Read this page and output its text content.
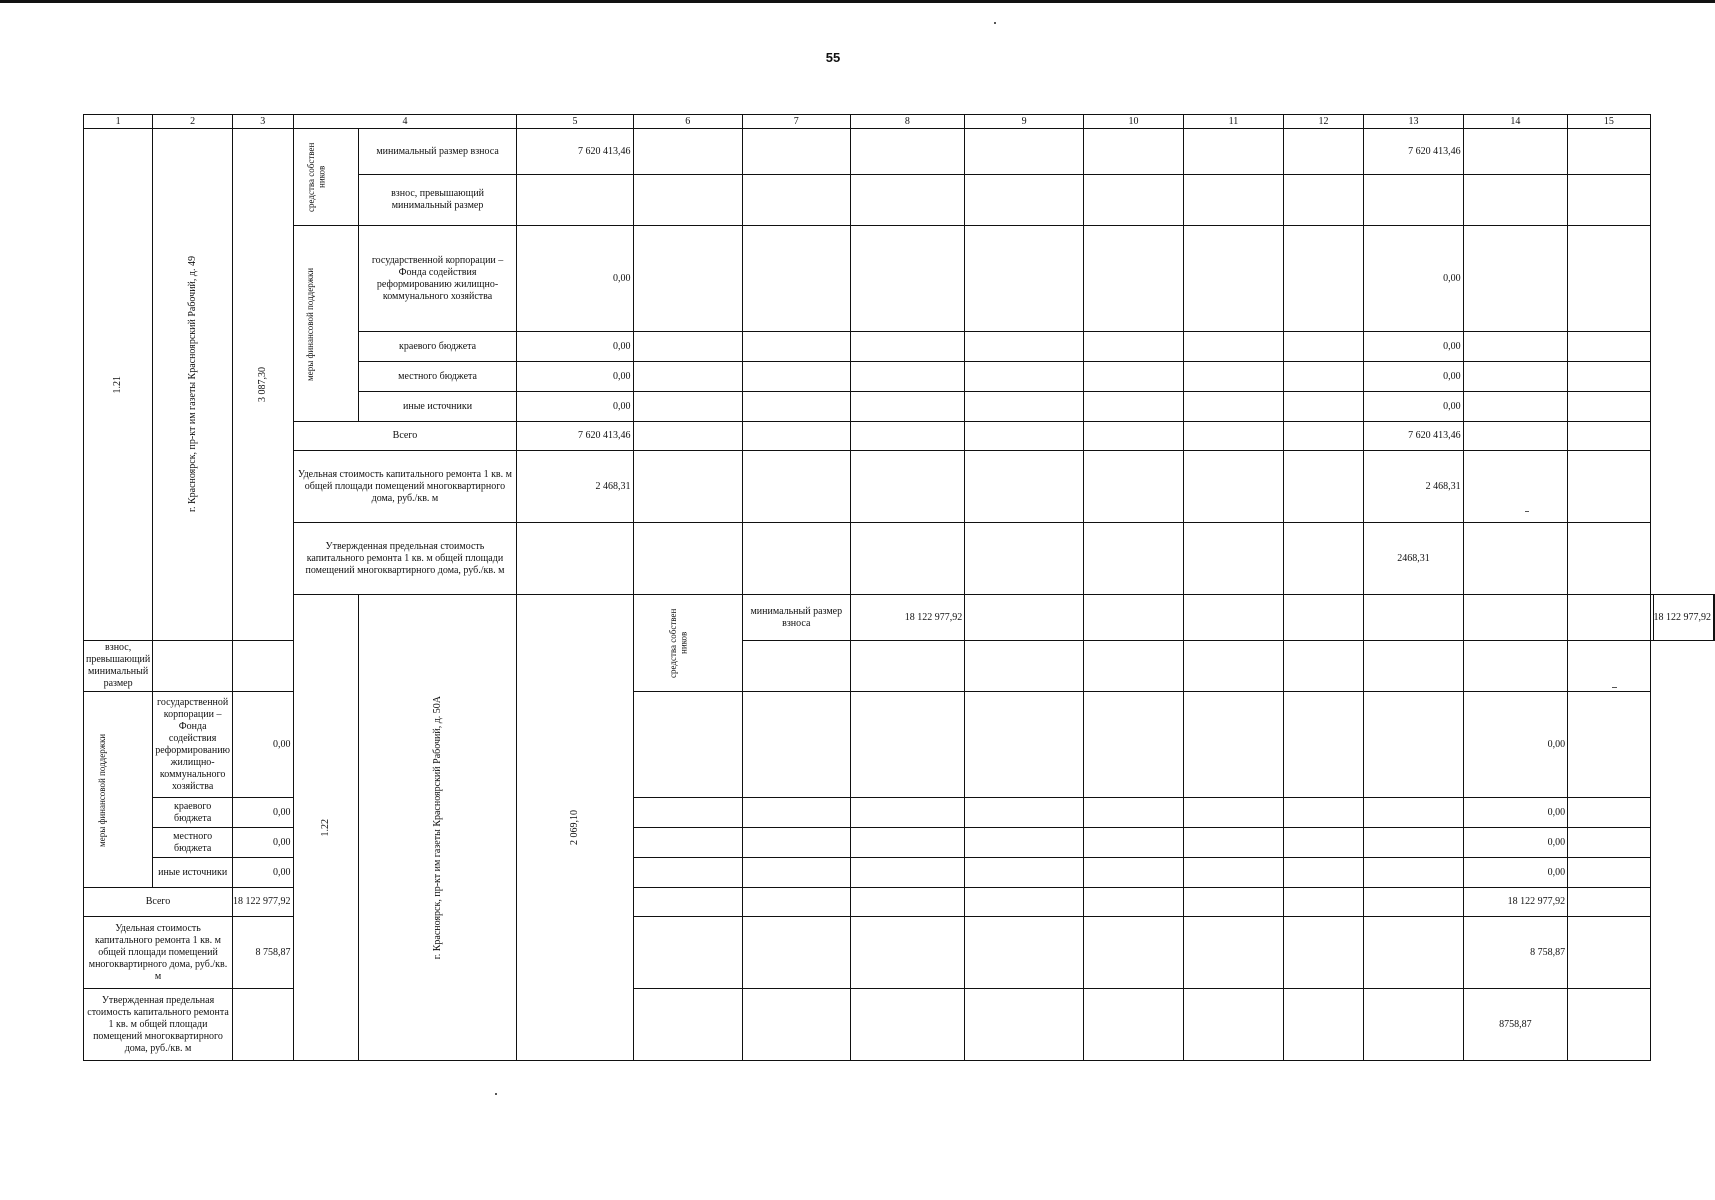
55
1	2	3	4		5	6	7	8	9	10	11	12	13	14	15			

1.21	г. Красноярск, пр-кт им газеты Красноярский Рабочий, д. 49	3 087,30	средства собствен ников	минимальный размер взноса	7 620 413,46								7 620 413,46					
				взнос, превышающий минимальный размер														

			меры финансовой поддержки	государственной корпорации – Фонда содействия реформированию жилищно-коммунального хозяйства	0,00								0,00					
				краевого бюджета	0,00								0,00					
				местного бюджета	0,00								0,00					
				иные источники	0,00								0,00					
			Всего		7 620 413,46								7 620 413,46					
			Удельная стоимость капитального ремонта 1 кв. м общей площади помещений многоквартирного дома, руб./кв. м		2 468,31								2 468,31					
			Утвержденная предельная стоимость капитального ремонта 1 кв. м общей площади помещений многоквартирного дома, руб./кв. м										2468,31					

			1.22	г. Красноярск, пр-кт им газеты Красноярский Рабочий, д. 50А	2 069,10	средства собствен ников	минимальный размер взноса	18 122 977,92									18 122 977,92	
взнос, превышающий минимальный размер																		

меры финансовой поддержки	государственной корпорации – Фонда содействия реформированию жилищно-коммунального хозяйства	0,00												0,00				
	краевого бюджета	0,00												0,00				
	местного бюджета	0,00												0,00				
	иные источники	0,00												0,00				
Всего		18 122 977,92												18 122 977,92				
Удельная стоимость капитального ремонта 1 кв. м общей площади помещений многоквартирного дома, руб./кв. м		8 758,87												8 758,87				
Утвержденная предельная стоимость капитального ремонта 1 кв. м общей площади помещений многоквартирного дома, руб./кв. м														8758,87				
